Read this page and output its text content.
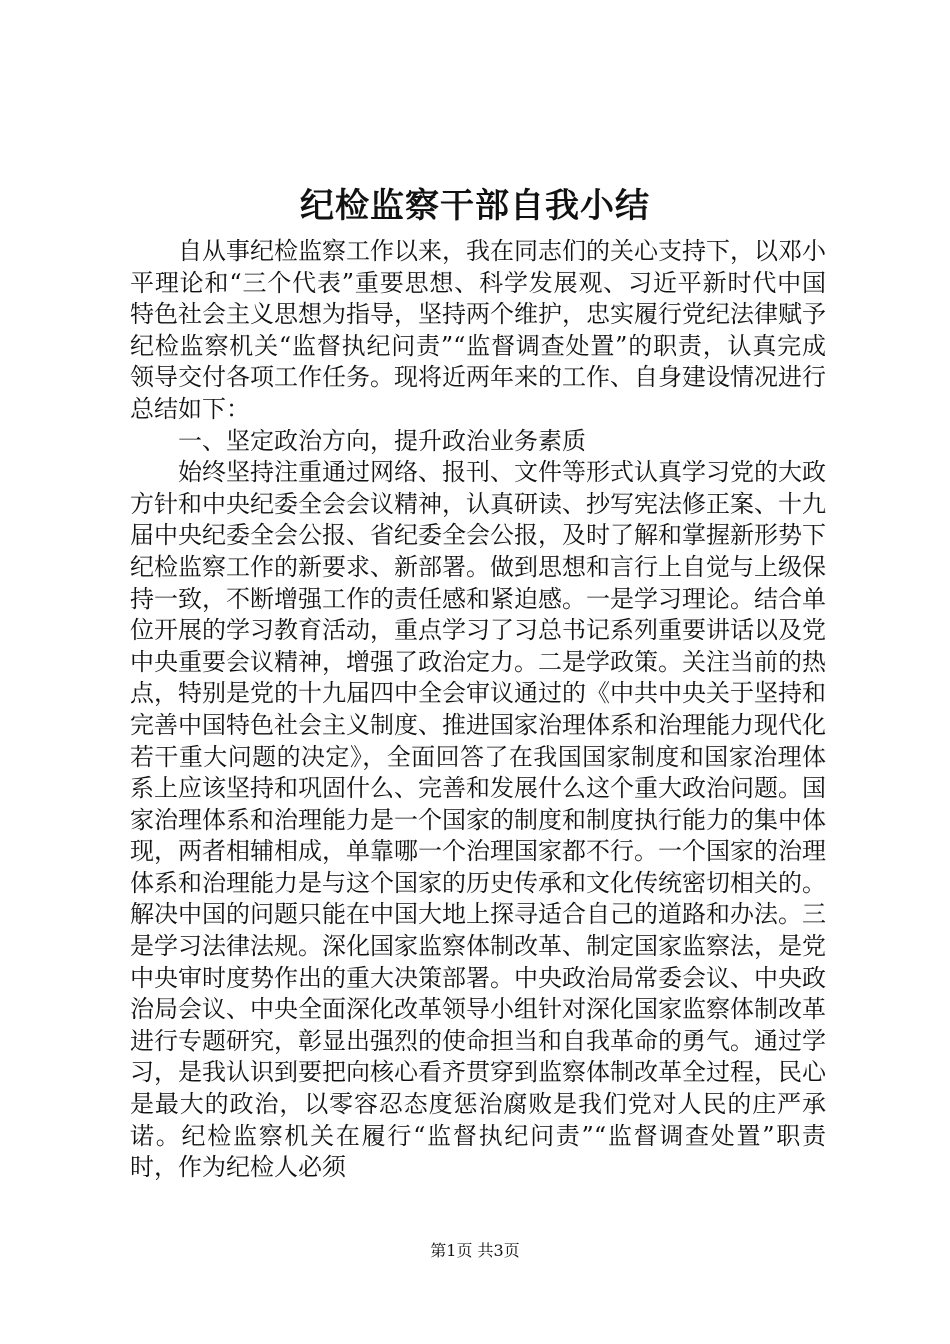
纪检监察干部自我小结

自从事纪检监察工作以来，我在同志们的关心支持下，以邓小平理论和“三个代表”重要思想、科学发展观、习近平新时代中国特色社会主义思想为指导，坚持两个维护，忠实履行党纪法律赋予纪检监察机关“监督执纪问责”“监督调查处置”的职责，认真完成领导交付各项工作任务。现将近两年来的工作、自身建设情况进行总结如下：

一、坚定政治方向，提升政治业务素质

始终坚持注重通过网络、报刊、文件等形式认真学习党的大政方针和中央纪委全会会议精神，认真研读、抄写宪法修正案、十九届中央纪委全会公报、省纪委全会公报，及时了解和掌握新形势下纪检监察工作的新要求、新部署。做到思想和言行上自觉与上级保持一致，不断增强工作的责任感和紧迫感。一是学习理论。结合单位开展的学习教育活动，重点学习了习总书记系列重要讲话以及党中央重要会议精神，增强了政治定力。二是学政策。关注当前的热点，特别是党的十九届四中全会审议通过的《中共中央关于坚持和完善中国特色社会主义制度、推进国家治理体系和治理能力现代化若干重大问题的决定》，全面回答了在我国国家制度和国家治理体系上应该坚持和巩固什么、完善和发展什么这个重大政治问题。国家治理体系和治理能力是一个国家的制度和制度执行能力的集中体现，两者相辅相成，单靠哪一个治理国家都不行。一个国家的治理体系和治理能力是与这个国家的历史传承和文化传统密切相关的。解决中国的问题只能在中国大地上探寻适合自己的道路和办法。三是学习法律法规。深化国家监察体制改革、制定国家监察法，是党中央审时度势作出的重大决策部署。中央政治局常委会议、中央政治局会议、中央全面深化改革领导小组针对深化国家监察体制改革进行专题研究，彰显出强烈的使命担当和自我革命的勇气。通过学习，是我认识到要把向核心看齐贯穿到监察体制改革全过程，民心是最大的政治，以零容忍态度惩治腐败是我们党对人民的庄严承诺。纪检监察机关在履行“监督执纪问责”“监督调查处置”职责时，作为纪检人必须

第1页 共3页
